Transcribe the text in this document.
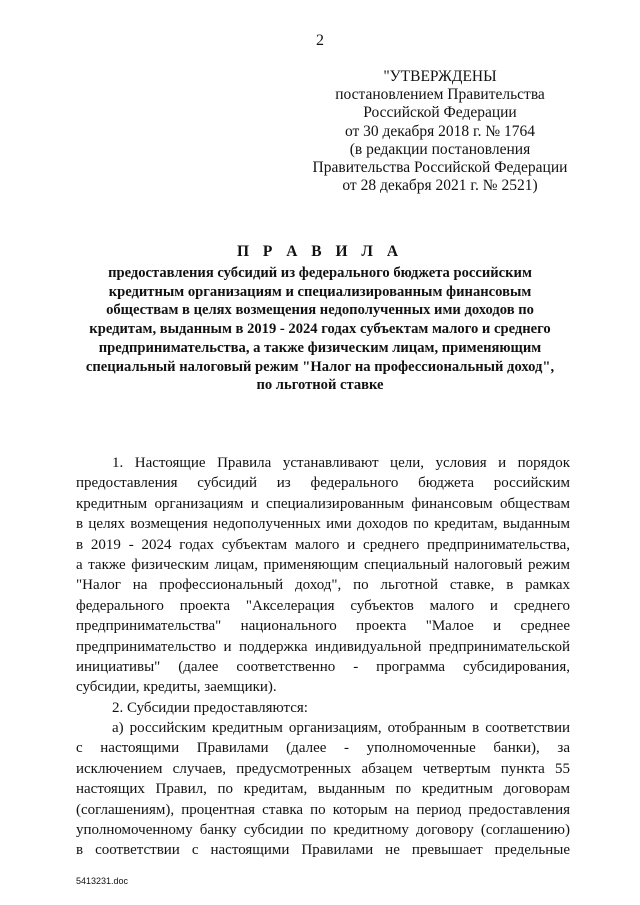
2
"УТВЕРЖДЕНЫ
постановлением Правительства
Российской Федерации
от 30 декабря 2018 г. № 1764
(в редакции постановления
Правительства Российской Федерации
от 28 декабря 2021 г. № 2521)
П Р А В И Л А
предоставления субсидий из федерального бюджета российским
кредитным организациям и специализированным финансовым
обществам в целях возмещения недополученных ими доходов по
кредитам, выданным в 2019 - 2024 годах субъектам малого и среднего
предпринимательства, а также физическим лицам, применяющим
специальный налоговый режим "Налог на профессиональный доход",
по льготной ставке
1. Настоящие Правила устанавливают цели, условия и порядок
предоставления субсидий из федерального бюджета российским
кредитным организациям и специализированным финансовым обществам
в целях возмещения недополученных ими доходов по кредитам, выданным
в 2019 - 2024 годах субъектам малого и среднего предпринимательства,
а также физическим лицам, применяющим специальный налоговый режим
"Налог на профессиональный доход", по льготной ставке, в рамках
федерального проекта "Акселерация субъектов малого и среднего
предпринимательства" национального проекта "Малое и среднее
предпринимательство и поддержка индивидуальной предпринимательской
инициативы" (далее соответственно - программа субсидирования,
субсидии, кредиты, заемщики).
2. Субсидии предоставляются:
а) российским кредитным организациям, отобранным в соответствии
с настоящими Правилами (далее - уполномоченные банки), за
исключением случаев, предусмотренных абзацем четвертым пункта 55
настоящих Правил, по кредитам, выданным по кредитным договорам
(соглашениям), процентная ставка по которым на период предоставления
уполномоченному банку субсидии по кредитному договору (соглашению)
в соответствии с настоящими Правилами не превышает предельные
5413231.doc
